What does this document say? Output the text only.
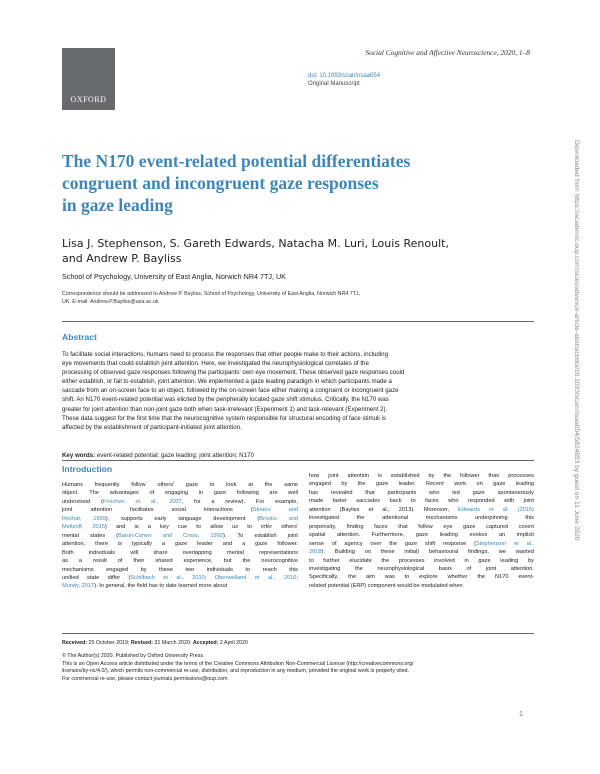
OXFORD
Social Cognitive and Affective Neuroscience, 2020, 1–8
doi: 10.1093/scan/nsaa054
Original Manuscript
The N170 event-related potential differentiates
congruent and incongruent gaze responses
in gaze leading
Lisa J. Stephenson, S. Gareth Edwards, Natacha M. Luri, Louis Renoult,
and Andrew P. Bayliss
School of Psychology, University of East Anglia, Norwich NR4 7TJ, UK
Correspondence should be addressed to Andrew P. Bayliss, School of Psychology, University of East Anglia, Norwich NR4 7TJ,
UK. E-mail: Andrew.P.Bayliss@uea.ac.uk
Abstract
To facilitate social interactions, humans need to process the responses that other people make to their actions, including
eye movements that could establish joint attention. Here, we investigated the neurophysiological correlates of the
processing of observed gaze responses following the participants' own eye movement. These observed gaze responses could
either establish, or fail to establish, joint attention. We implemented a gaze leading paradigm in which participants made a
saccade from an on-screen face to an object, followed by the on-screen face either making a congruent or incongruent gaze
shift. An N170 event-related potential was elicited by the peripherally located gaze shift stimulus. Critically, the N170 was
greater for joint attention than non-joint gaze both when task-irrelevant (Experiment 1) and task-relevant (Experiment 2).
These data suggest for the first time that the neurocognitive system responsible for structural encoding of face stimuli is
affected by the establishment of participant-initiated joint attention.
Key words: event-related potential; gaze leading; joint attention; N170
Introduction
Humans frequently follow others' gaze to look at the same
object. The advantages of engaging in gaze following are well
understood (Frischen et al., 2007, for a review). For example,
joint attention facilitates social interactions (Striano and
Rochat, 1999), supports early language development (Brooks and
Meltzoff, 2015) and is a key cue to allow us to infer others'
mental states (Baron-Cohen and Cross, 1992). To establish joint
attention, there is typically a gaze leader and a gaze follower.
Both individuals will share overlapping mental representations
as a result of their shared experience, but the neurocognitive
mechanisms engaged by these two individuals to reach this
unified state differ (Schilbach et al., 2010; Oberwelland et al., 2016;
Mundy, 2017). In general, the field has to date learned more about
how joint attention is established by the follower than processes
engaged by the gaze leader. Recent work on gaze leading
has revealed that participants who led gaze spontaneously
made faster saccades back to faces who responded with joint
attention (Bayliss et al., 2013). Moreover, Edwards et al. (2015)
investigated the attentional mechanisms underpinning this
propensity, finding faces that follow eye gaze captured covert
spatial attention. Furthermore, gaze leading evokes an implicit
sense of agency over the gaze shift response (Stephenson et al.,
2018). Building on these initial) behavioural findings, we wanted
to further elucidate the processes involved in gaze leading by
investigating the neurophysiological basis of joint attention.
Specifically, the aim was to explore whether the N170 event-
related potential (ERP) component would be modulated when
Received: 25 October 2019; Revised: 31 March 2020; Accepted: 2 April 2020
© The Author(s) 2020. Published by Oxford University Press.
This is an Open Access article distributed under the terms of the Creative Commons Attribution Non-Commercial License (http://creativecommons.org/
licenses/by-nc/4.0/), which permits non-commercial re-use, distribution, and reproduction in any medium, provided the original work is properly cited.
For commercial re-use, please contact journals.permissions@oup.com
1
Downloaded from https://academic.oup.com/scan/advance-article-abstract/doi/10.1093/scan/nsaa054/5824853 by guest on 11 June 2020
